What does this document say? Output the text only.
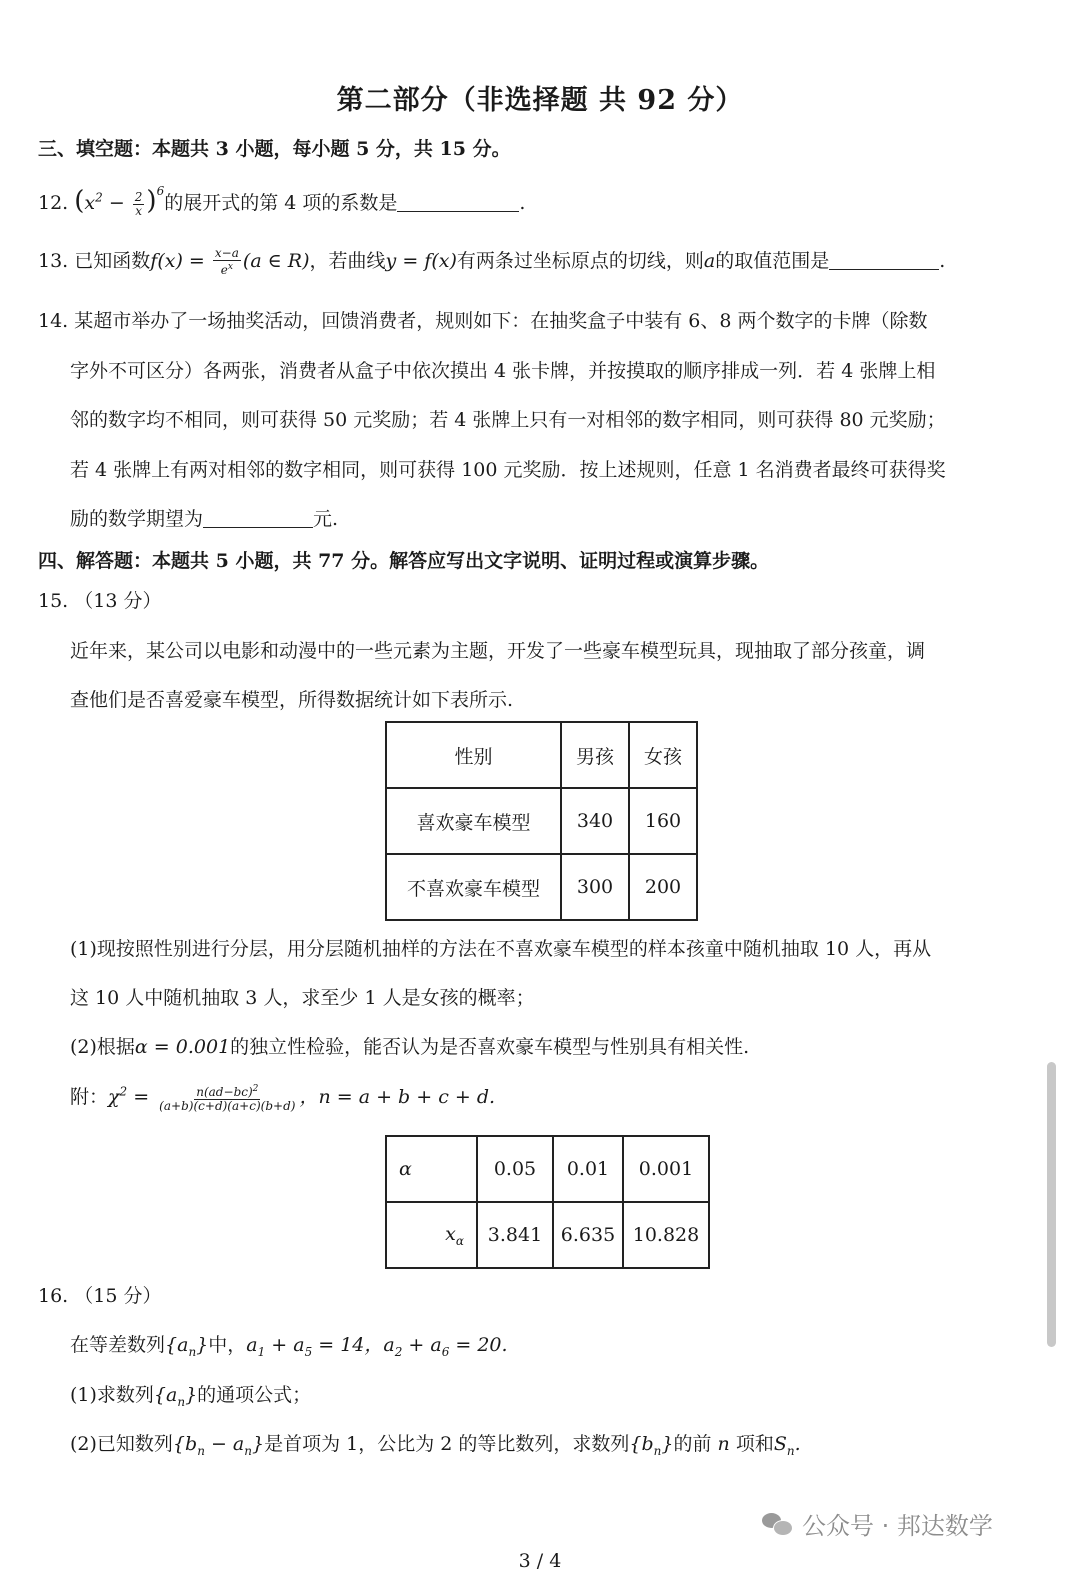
第二部分（非选择题 共 92 分）
三、填空题：本题共 3 小题，每小题 5 分，共 15 分。
12. $(x^2 - \frac{2}{x} )^6$的展开式的第 4 项的系数是	.
13. 已知函数$f(x) = \frac{x-a}{e^x} (a$ ∈ R)，若曲线y = f(x)有两条过坐标原点的切线，则a的取值范围是	.
14. 某超市举办了一场抽奖活动，回馈消费者，规则如下：在抽奖盒子中装有 6、8 两个数字的卡牌（除数
字外不可区分）各两张，消费者从盒子中依次摸出 4 张卡牌，并按摸取的顺序排成一列．若 4 张牌上相
邻的数字均不相同，则可获得 50 元奖励；若 4 张牌上只有一对相邻的数字相同，则可获得 80 元奖励；
若 4 张牌上有两对相邻的数字相同，则可获得 100 元奖励．按上述规则，任意 1 名消费者最终可获得奖
励的数学期望为	元.
四、解答题：本题共 5 小题，共 77 分。解答应写出文字说明、证明过程或演算步骤。
15. （13 分）
近年来，某公司以电影和动漫中的一些元素为主题，开发了一些豪车模型玩具，现抽取了部分孩童，调
查他们是否喜爱豪车模型，所得数据统计如下表所示.
性别	男孩	女孩
喜欢豪车模型	340	160
不喜欢豪车模型	300	200
(1)现按照性别进行分层，用分层随机抽样的方法在不喜欢豪车模型的样本孩童中随机抽取 10 人，再从
这 10 人中随机抽取 3 人，求至少 1 人是女孩的概率；
(2)根据α = 0.001的独立性检验，能否认为是否喜欢豪车模型与性别具有相关性.
附：$\chi^2 = \frac{n(ad-bc)^2}{(a+b)(c+d)(a+c)(b+d)}$ ，n = a + b + c + d.
α	0.05	0.01	0.001
$x_\alpha$	3.841	6.635	10.828
16. （15 分）
在等差数列$\{a_n\}$中，$a_1 + a_5 = 14$，$a_2 + a_6 = 20$.
(1)求数列$\{a_n\}$的通项公式；
(2)已知数列$\{b_n - a_n\}$是首项为 1，公比为 2 的等比数列，求数列$\{b_n\}$的前 n 项和$S_n$.
公众号 · 邦达数学
3 / 4
